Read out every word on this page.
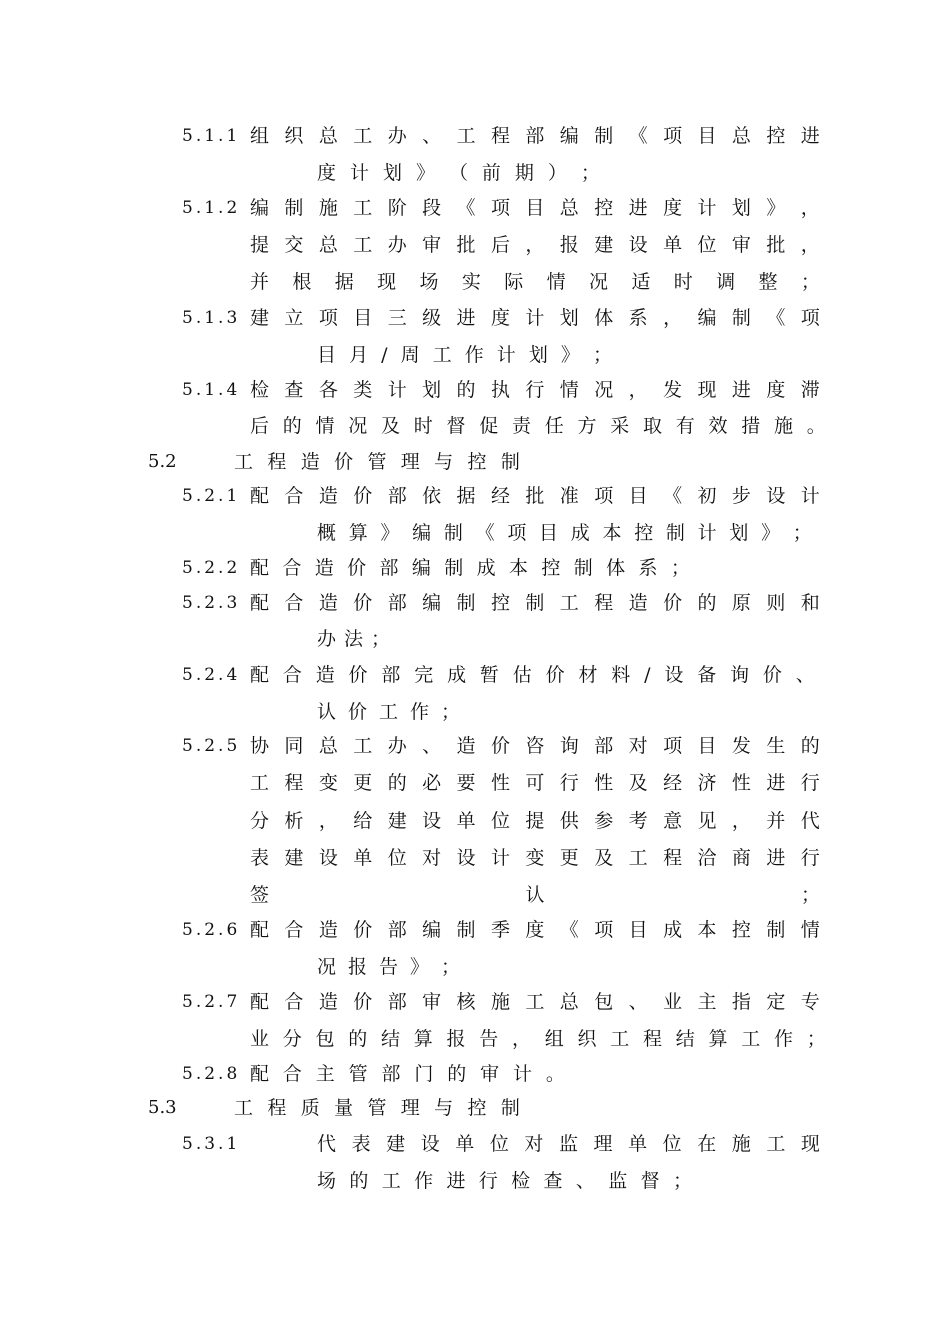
5.1.1 组 织 总 工 办 、 工 程 部 编 制 《 项 目 总 控 进
度 计 划 》 （ 前 期 ） ；
5.1.2 编 制 施 工 阶 段 《 项 目 总 控 进 度 计 划 》 ，
提 交 总 工 办 审 批 后 ， 报 建 设 单 位 审 批 ，
并 根 据 现 场 实 际 情 况 适 时 调 整 ；
5.1.3 建 立 项 目 三 级 进 度 计 划 体 系 ， 编 制 《 项
目 月 / 周 工 作 计 划 》 ；
5.1.4 检 查 各 类 计 划 的 执 行 情 况 ， 发 现 进 度 滞
后 的 情 况 及 时 督 促 责 任 方 采 取 有 效 措 施 。
5.2	工 程 造 价 管 理 与 控 制
5.2.1 配 合 造 价 部 依 据 经 批 准 项 目 《 初 步 设 计
概 算 》 编 制 《 项 目 成 本 控 制 计 划 》 ；
5.2.2 配 合 造 价 部 编 制 成 本 控 制 体 系 ；
5.2.3 配 合 造 价 部 编 制 控 制 工 程 造 价 的 原 则 和
办 法 ；
5.2.4 配 合 造 价 部 完 成 暂 估 价 材 料 / 设 备 询 价 、
认 价 工 作 ；
5.2.5 协 同 总 工 办 、 造 价 咨 询 部 对 项 目 发 生 的
工 程 变 更 的 必 要 性 可 行 性 及 经 济 性 进 行
分 析 ， 给 建 设 单 位 提 供 参 考 意 见 ， 并 代
表 建 设 单 位 对 设 计 变 更 及 工 程 洽 商 进 行
签	认	；
5.2.6 配 合 造 价 部 编 制 季 度 《 项 目 成 本 控 制 情
况 报 告 》 ；
5.2.7 配 合 造 价 部 审 核 施 工 总 包 、 业 主 指 定 专
业 分 包 的 结 算 报 告 ， 组 织 工 程 结 算 工 作 ；
5.2.8 配 合 主 管 部 门 的 审 计 。
5.3	工 程 质 量 管 理 与 控 制
5.3.1	代 表 建 设 单 位 对 监 理 单 位 在 施 工 现
场 的 工 作 进 行 检 查 、 监 督 ；
